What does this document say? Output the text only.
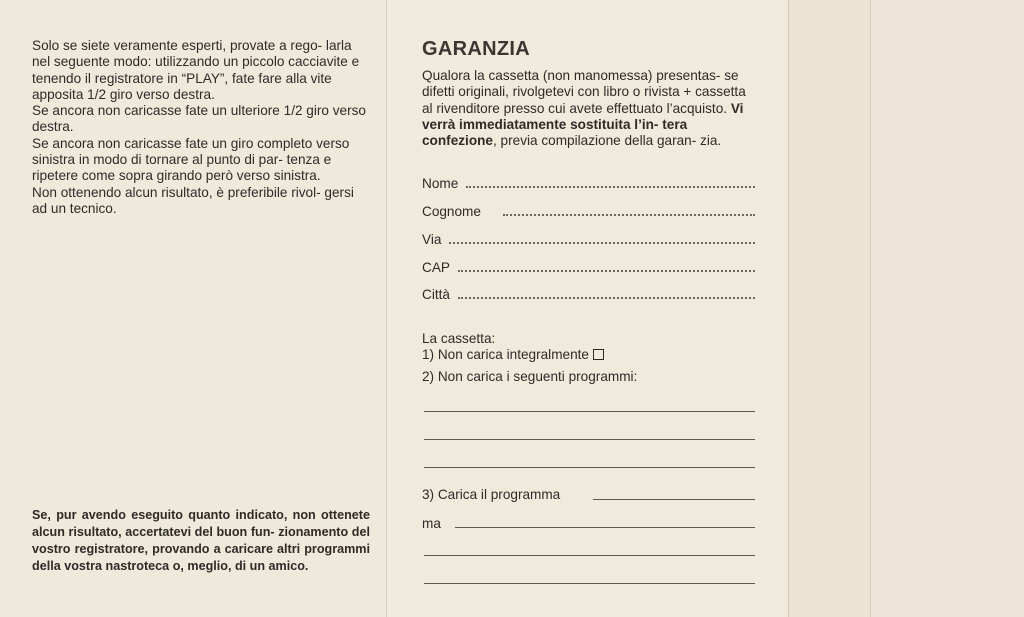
Solo se siete veramente esperti, provate a rego- larla nel seguente modo: utilizzando un piccolo cacciavite e tenendo il registratore in “PLAY”, fate fare alla vite apposita 1/2 giro verso destra.

Se ancora non caricasse fate un ulteriore 1/2 giro verso destra.

Se ancora non caricasse fate un giro completo verso sinistra in modo di tornare al punto di par- tenza e ripetere come sopra girando però verso sinistra.

Non ottenendo alcun risultato, è preferibile rivol- gersi ad un tecnico.

Se, pur avendo eseguito quanto indicato, non ottenete alcun risultato, accertatevi del buon fun- zionamento del vostro registratore, provando a caricare altri programmi della vostra nastroteca o, meglio, di un amico.

GARANZIA

Qualora la cassetta (non manomessa) presentas- se difetti originali, rivolgetevi con libro o rivista + cassetta al rivenditore presso cui avete effettuato l’acquisto. Vi verrà immediatamente sostituita l’in- tera confezione, previa compilazione della garan- zia.

Nome
Cognome
Via
CAP
Città

La cassetta:

1) Non carica integralmente

2) Non carica i seguenti programmi:

3) Carica il programma

ma
